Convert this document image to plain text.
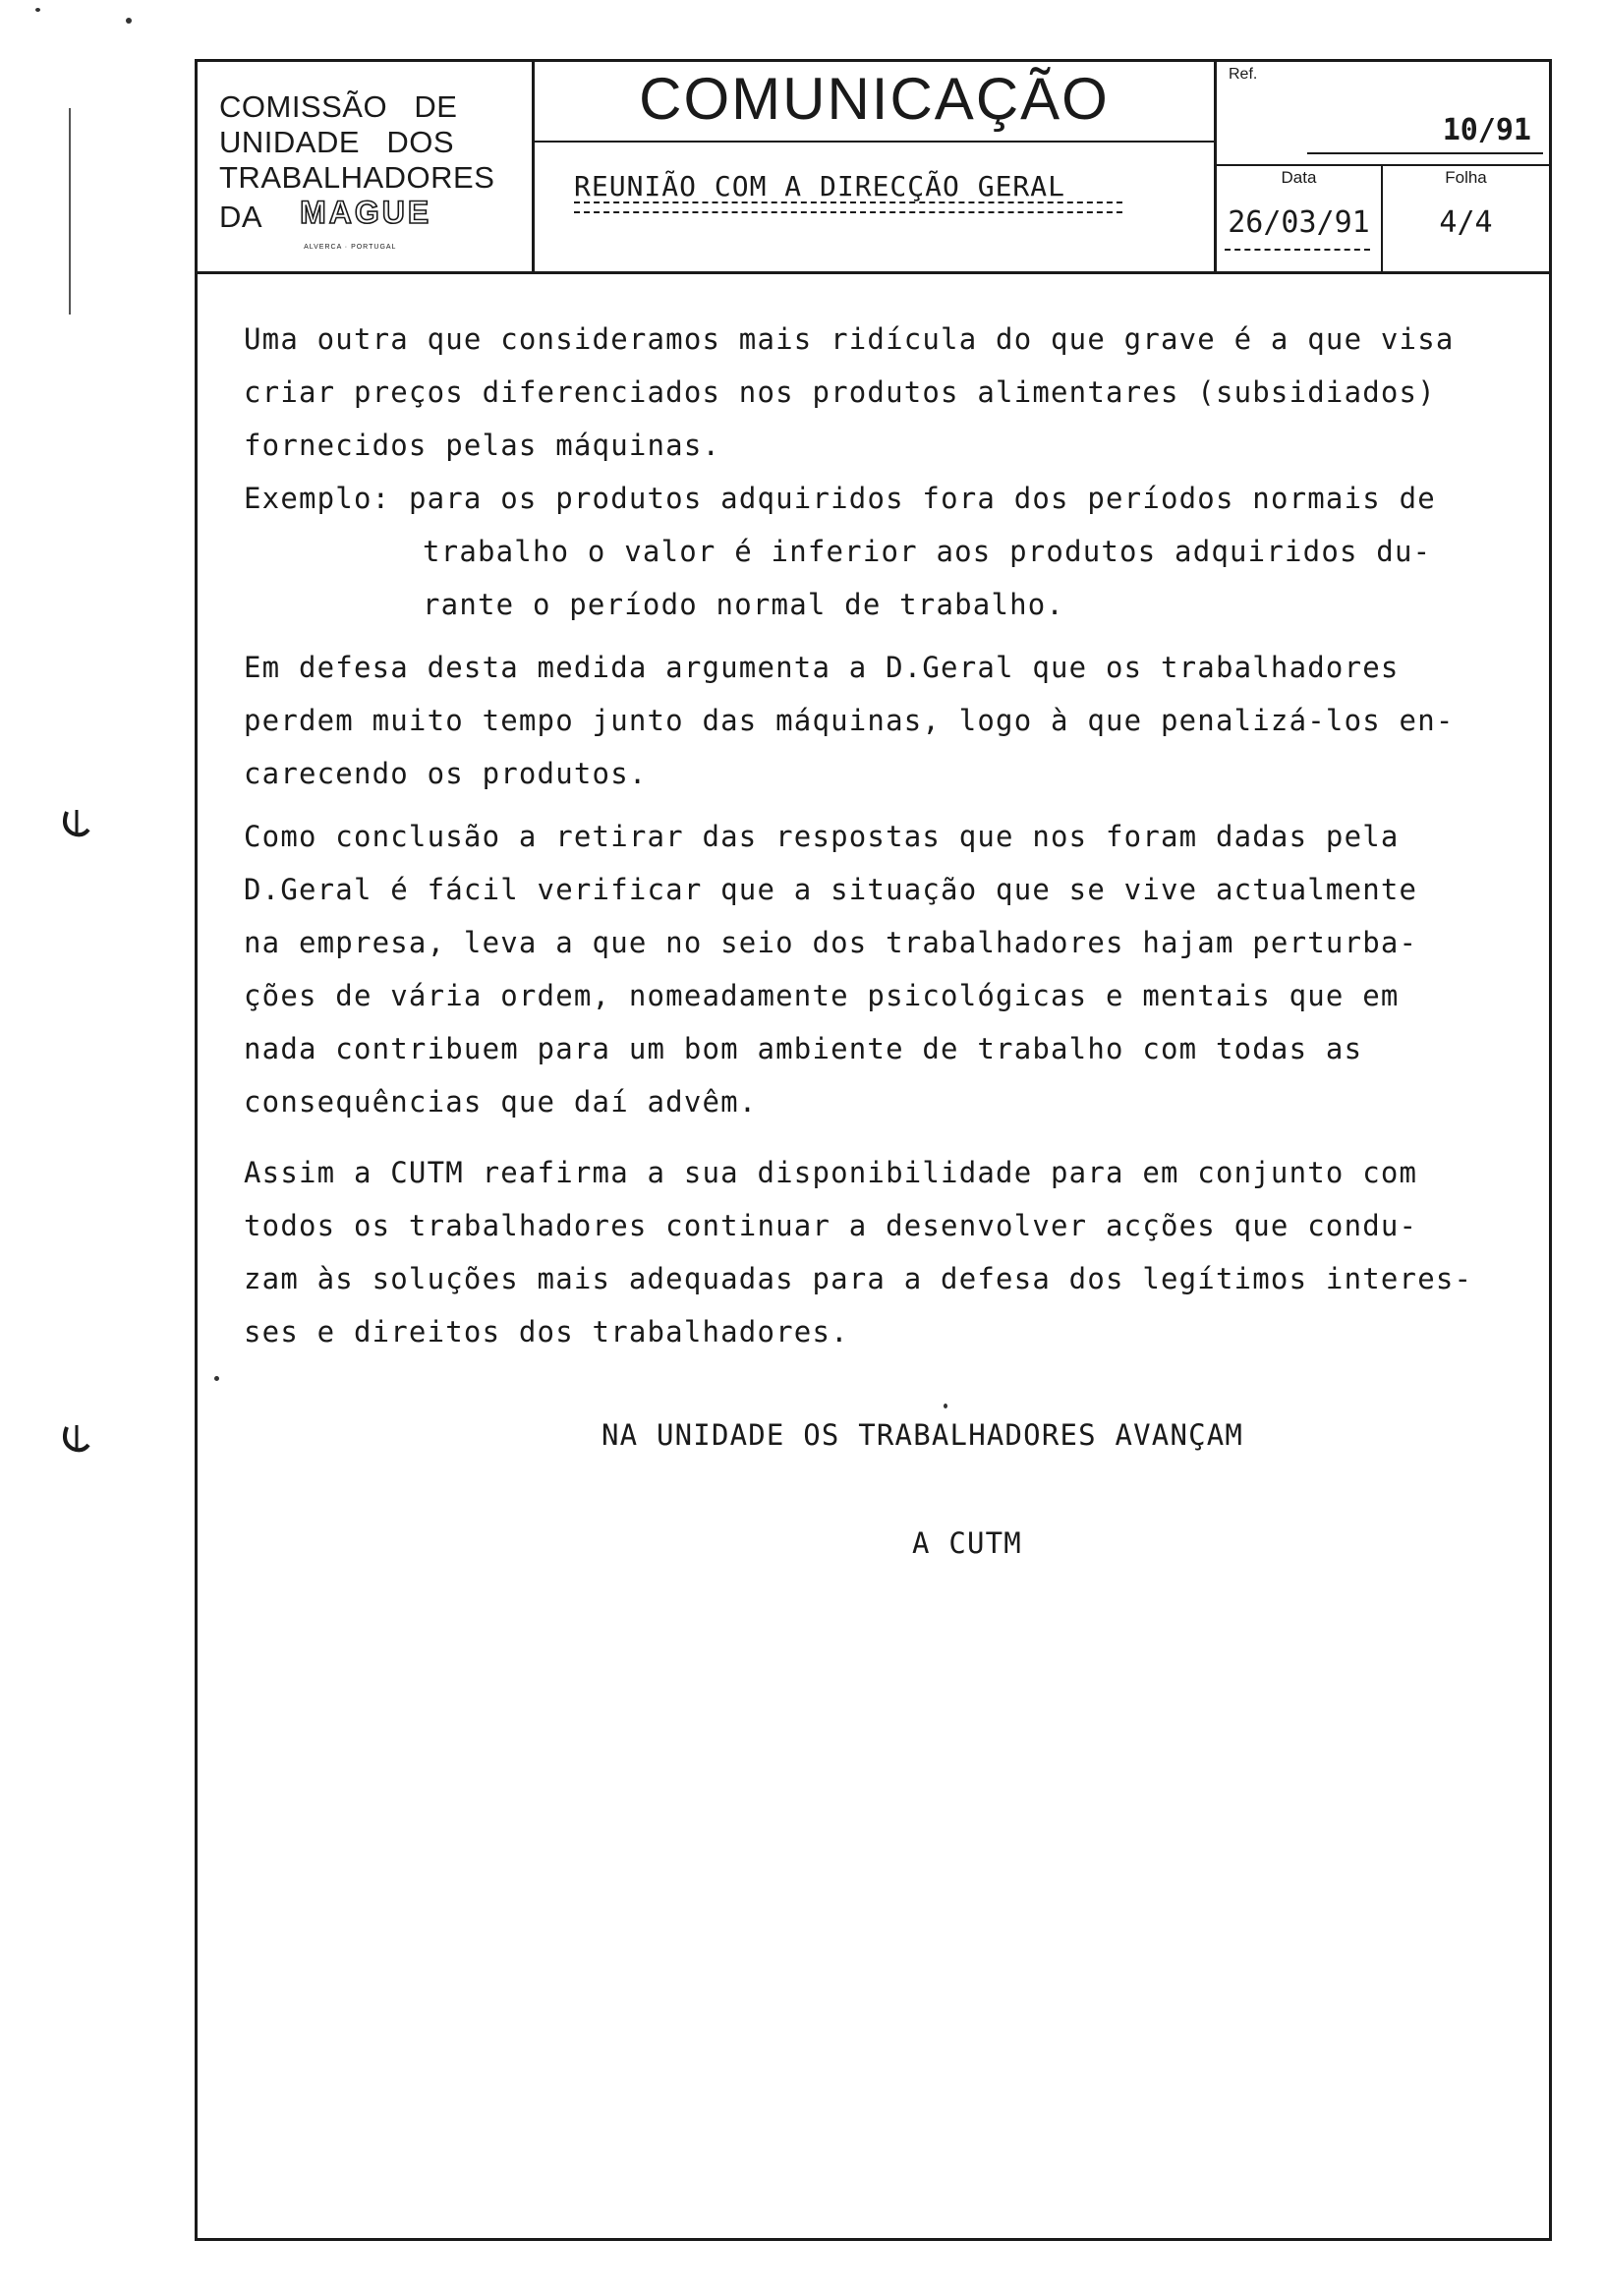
COMISSÃO   DE
UNIDADE   DOS
TRABALHADORES
DA MAGUE
ALVERCA · PORTUGAL
COMUNICAÇÃO
REUNIÃO COM A DIRECÇÃO GERAL
Ref.
10/91
Data
26/03/91
Folha
4/4
Uma outra que consideramos mais ridícula do que grave é a que visa
criar preços diferenciados nos produtos alimentares (subsidiados)
fornecidos pelas máquinas.
Exemplo: para os produtos adquiridos fora dos períodos normais de
trabalho o valor é inferior aos produtos adquiridos du-
rante o período normal de trabalho.
Em defesa desta medida argumenta a D.Geral que os trabalhadores
perdem muito tempo junto das máquinas, logo à que penalizá-los en-
carecendo os produtos.
Como conclusão a retirar das respostas que nos foram dadas pela
D.Geral é fácil verificar que a situação que se vive actualmente
na empresa, leva a que no seio dos trabalhadores hajam perturba-
ções de vária ordem, nomeadamente psicológicas e mentais que em
nada contribuem para um bom ambiente de trabalho com todas as
consequências que daí advêm.
Assim a CUTM reafirma a sua disponibilidade para em conjunto com
todos os trabalhadores continuar a desenvolver acções que condu-
zam às soluções mais adequadas para a defesa dos legítimos interes-
ses e direitos dos trabalhadores.
NA UNIDADE OS TRABALHADORES AVANÇAM
A CUTM
